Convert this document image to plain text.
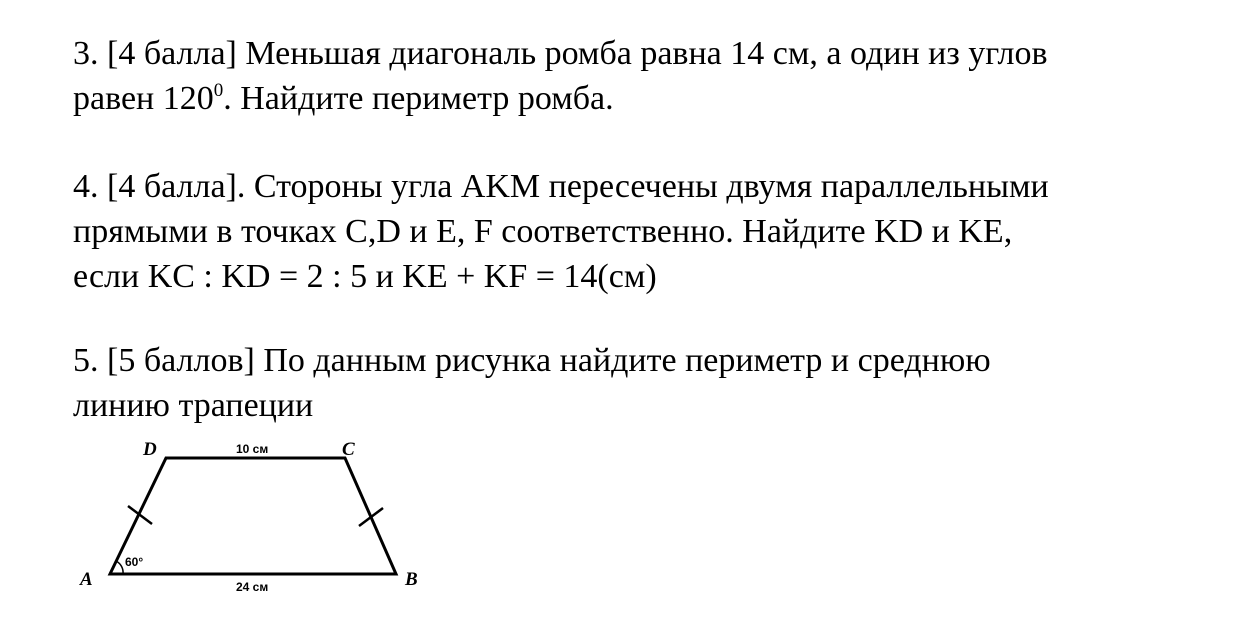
3. [4 балла] Меньшая диагональ ромба равна 14 см, а один из углов
равен $120^0$. Найдите периметр ромба.
4. [4 балла]. Стороны угла AKM пересечены двумя параллельными
прямыми в точках C,D и E, F соответственно. Найдите KD и KE,
если KC : KD = 2 : 5 и KE + KF = 14(см)
5. [5 баллов] По данным рисунка найдите периметр и среднюю
линию трапеции
D	C
A	B
10 см
24 см
60°
